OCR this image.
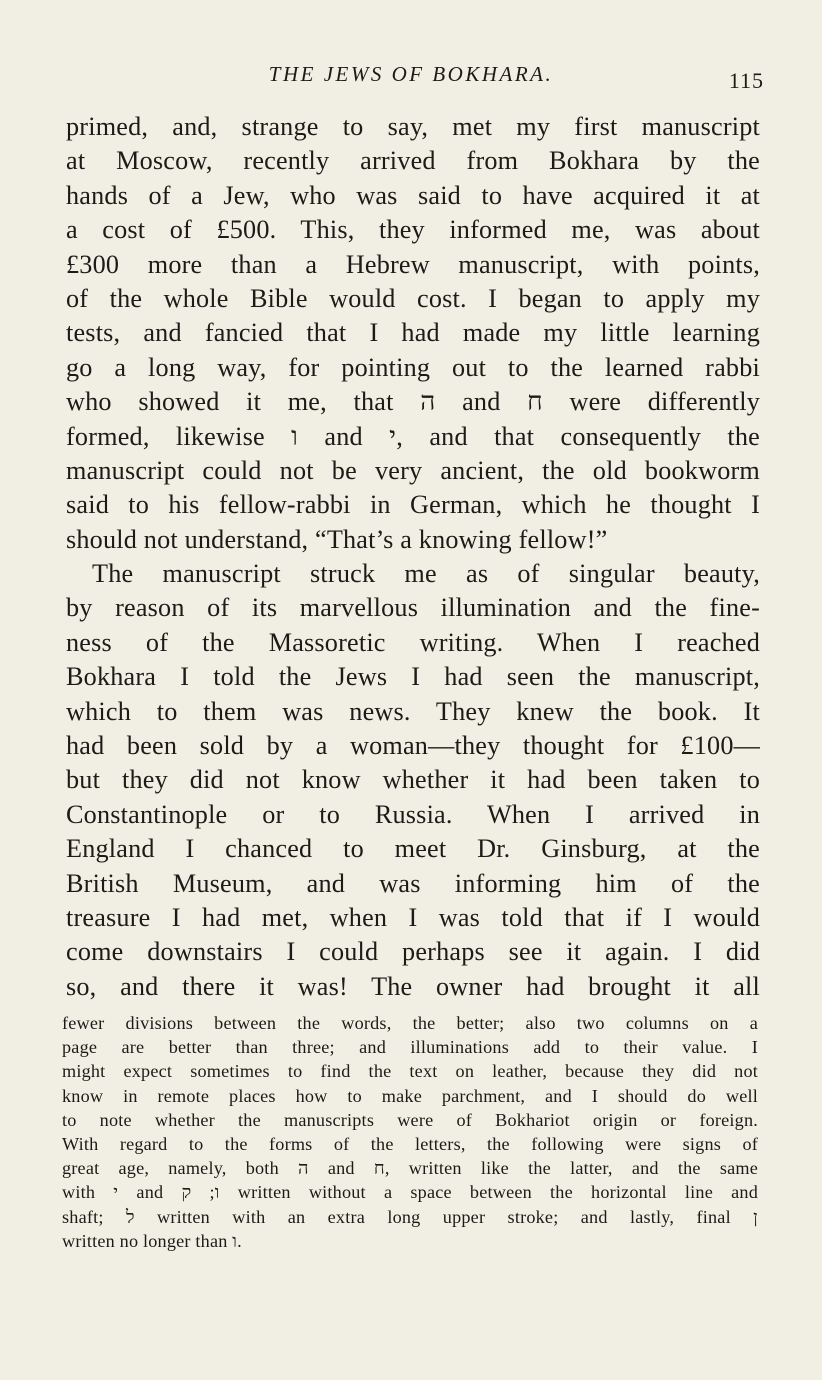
THE JEWS OF BOKHARA.	115
primed, and, strange to say, met my first manuscript
at Moscow, recently arrived from Bokhara by the
hands of a Jew, who was said to have acquired it at
a cost of £500. This, they informed me, was about
£300 more than a Hebrew manuscript, with points,
of the whole Bible would cost. I began to apply my
tests, and fancied that I had made my little learning
go a long way, for pointing out to the learned rabbi
who showed it me, that ה and ח were differently
formed, likewise ו and י, and that consequently the
manuscript could not be very ancient, the old bookworm
said to his fellow-rabbi in German, which he thought I
should not understand, “That’s a knowing fellow!”
The manuscript struck me as of singular beauty,
by reason of its marvellous illumination and the fine-
ness of the Massoretic writing. When I reached
Bokhara I told the Jews I had seen the manuscript,
which to them was news. They knew the book. It
had been sold by a woman—they thought for £100—
but they did not know whether it had been taken to
Constantinople or to Russia. When I arrived in
England I chanced to meet Dr. Ginsburg, at the
British Museum, and was informing him of the
treasure I had met, when I was told that if I would
come downstairs I could perhaps see it again. I did
so, and there it was! The owner had brought it all
fewer divisions between the words, the better; also two columns on a
page are better than three; and illuminations add to their value. I
might expect sometimes to find the text on leather, because they did not
know in remote places how to make parchment, and I should do well
to note whether the manuscripts were of Bokhariot origin or foreign.
With regard to the forms of the letters, the following were signs of
great age, namely, both ה and ח, written like the latter, and the same
with י and ו; ק written without a space between the horizontal line and
shaft; ל written with an extra long upper stroke; and lastly, final ן
written no longer than ו.
